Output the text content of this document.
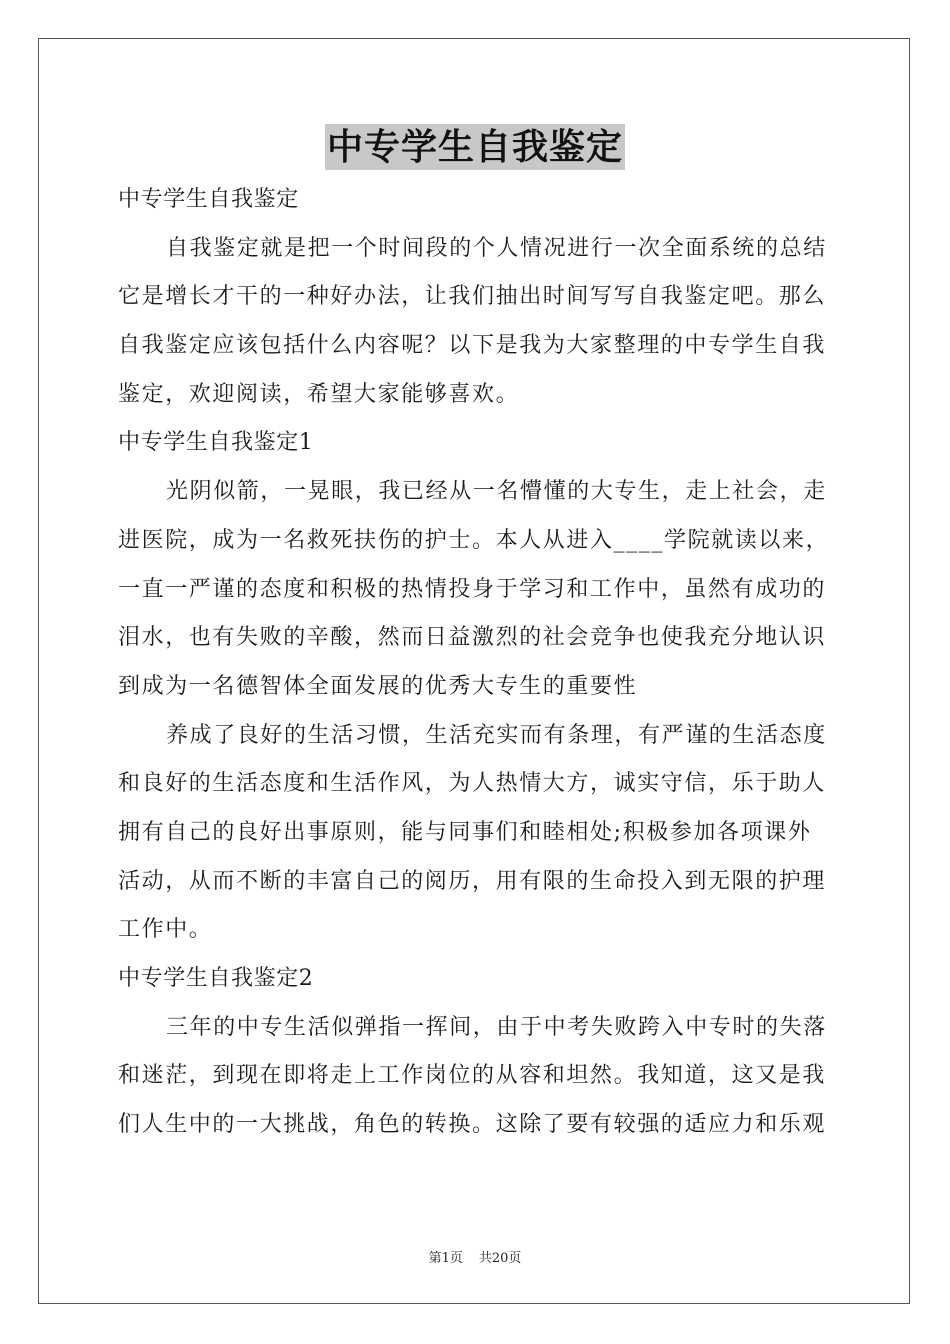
中专学生自我鉴定
中专学生自我鉴定
自我鉴定就是把一个时间段的个人情况进行一次全面系统的总结
它是增长才干的一种好办法，让我们抽出时间写写自我鉴定吧。那么
自我鉴定应该包括什么内容呢？以下是我为大家整理的中专学生自我
鉴定，欢迎阅读，希望大家能够喜欢。
中专学生自我鉴定1
光阴似箭，一晃眼，我已经从一名懵懂的大专生，走上社会，走
进医院，成为一名救死扶伤的护士。本人从进入____学院就读以来，
一直一严谨的态度和积极的热情投身于学习和工作中，虽然有成功的
泪水，也有失败的辛酸，然而日益激烈的社会竞争也使我充分地认识
到成为一名德智体全面发展的优秀大专生的重要性
养成了良好的生活习惯，生活充实而有条理，有严谨的生活态度
和良好的生活态度和生活作风，为人热情大方，诚实守信，乐于助人
拥有自己的良好出事原则，能与同事们和睦相处;积极参加各项课外
活动，从而不断的丰富自己的阅历，用有限的生命投入到无限的护理
工作中。
中专学生自我鉴定2
三年的中专生活似弹指一挥间，由于中考失败跨入中专时的失落
和迷茫，到现在即将走上工作岗位的从容和坦然。我知道，这又是我
们人生中的一大挑战，角色的转换。这除了要有较强的适应力和乐观
第1页 共20页
